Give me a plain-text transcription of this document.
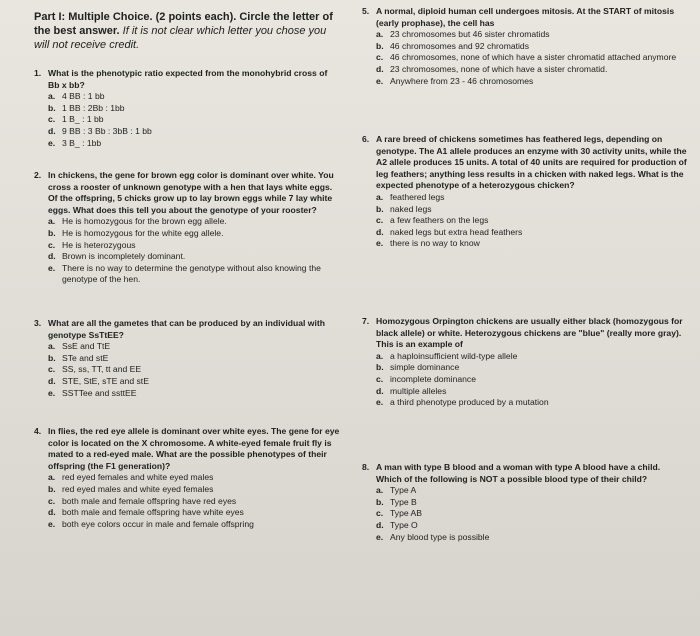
Part I: Multiple Choice. (2 points each). Circle the letter of the best answer. If it is not clear which letter you chose you will not receive credit.
1. What is the phenotypic ratio expected from the monohybrid cross of Bb x bb?
a. 4 BB : 1 bb
b. 1 BB : 2Bb : 1bb
c. 1 B_ : 1 bb
d. 9 BB : 3 Bb : 3bB : 1 bb
e. 3 B_ : 1bb
2. In chickens, the gene for brown egg color is dominant over white. You cross a rooster of unknown genotype with a hen that lays white eggs. Of the offspring, 5 chicks grow up to lay brown eggs while 7 lay white eggs. What does this tell you about the genotype of your rooster?
a. He is homozygous for the brown egg allele.
b. He is homozygous for the white egg allele.
c. He is heterozygous
d. Brown is incompletely dominant.
e. There is no way to determine the genotype without also knowing the genotype of the hen.
3. What are all the gametes that can be produced by an individual with genotype SsTtEE?
a. SsE and TtE
b. STe and stE
c. SS, ss, TT, tt and EE
d. STE, StE, sTE and stE
e. SSTTee and ssttEE
4. In flies, the red eye allele is dominant over white eyes. The gene for eye color is located on the X chromosome. A white-eyed female fruit fly is mated to a red-eyed male. What are the possible phenotypes of their offspring (the F1 generation)?
a. red eyed females and white eyed males
b. red eyed males and white eyed females
c. both male and female offspring have red eyes
d. both male and female offspring have white eyes
e. both eye colors occur in male and female offspring
5. A normal, diploid human cell undergoes mitosis. At the START of mitosis (early prophase), the cell has
a. 23 chromosomes but 46 sister chromatids
b. 46 chromosomes and 92 chromatids
c. 46 chromosomes, none of which have a sister chromatid attached anymore
d. 23 chromosomes, none of which have a sister chromatid.
e. Anywhere from 23 - 46 chromosomes
6. A rare breed of chickens sometimes has feathered legs, depending on genotype. The A1 allele produces an enzyme with 30 activity units, while the A2 allele produces 15 units. A total of 40 units are required for production of leg feathers; anything less results in a chicken with naked legs. What is the expected phenotype of a heterozygous chicken?
a. feathered legs
b. naked legs
c. a few feathers on the legs
d. naked legs but extra head feathers
e. there is no way to know
7. Homozygous Orpington chickens are usually either black (homozygous for black allele) or white. Heterozygous chickens are "blue" (really more gray). This is an example of
a. a haploinsufficient wild-type allele
b. simple dominance
c. incomplete dominance
d. multiple alleles
e. a third phenotype produced by a mutation
8. A man with type B blood and a woman with type A blood have a child. Which of the following is NOT a possible blood type of their child?
a. Type A
b. Type B
c. Type AB
d. Type O
e. Any blood type is possible
